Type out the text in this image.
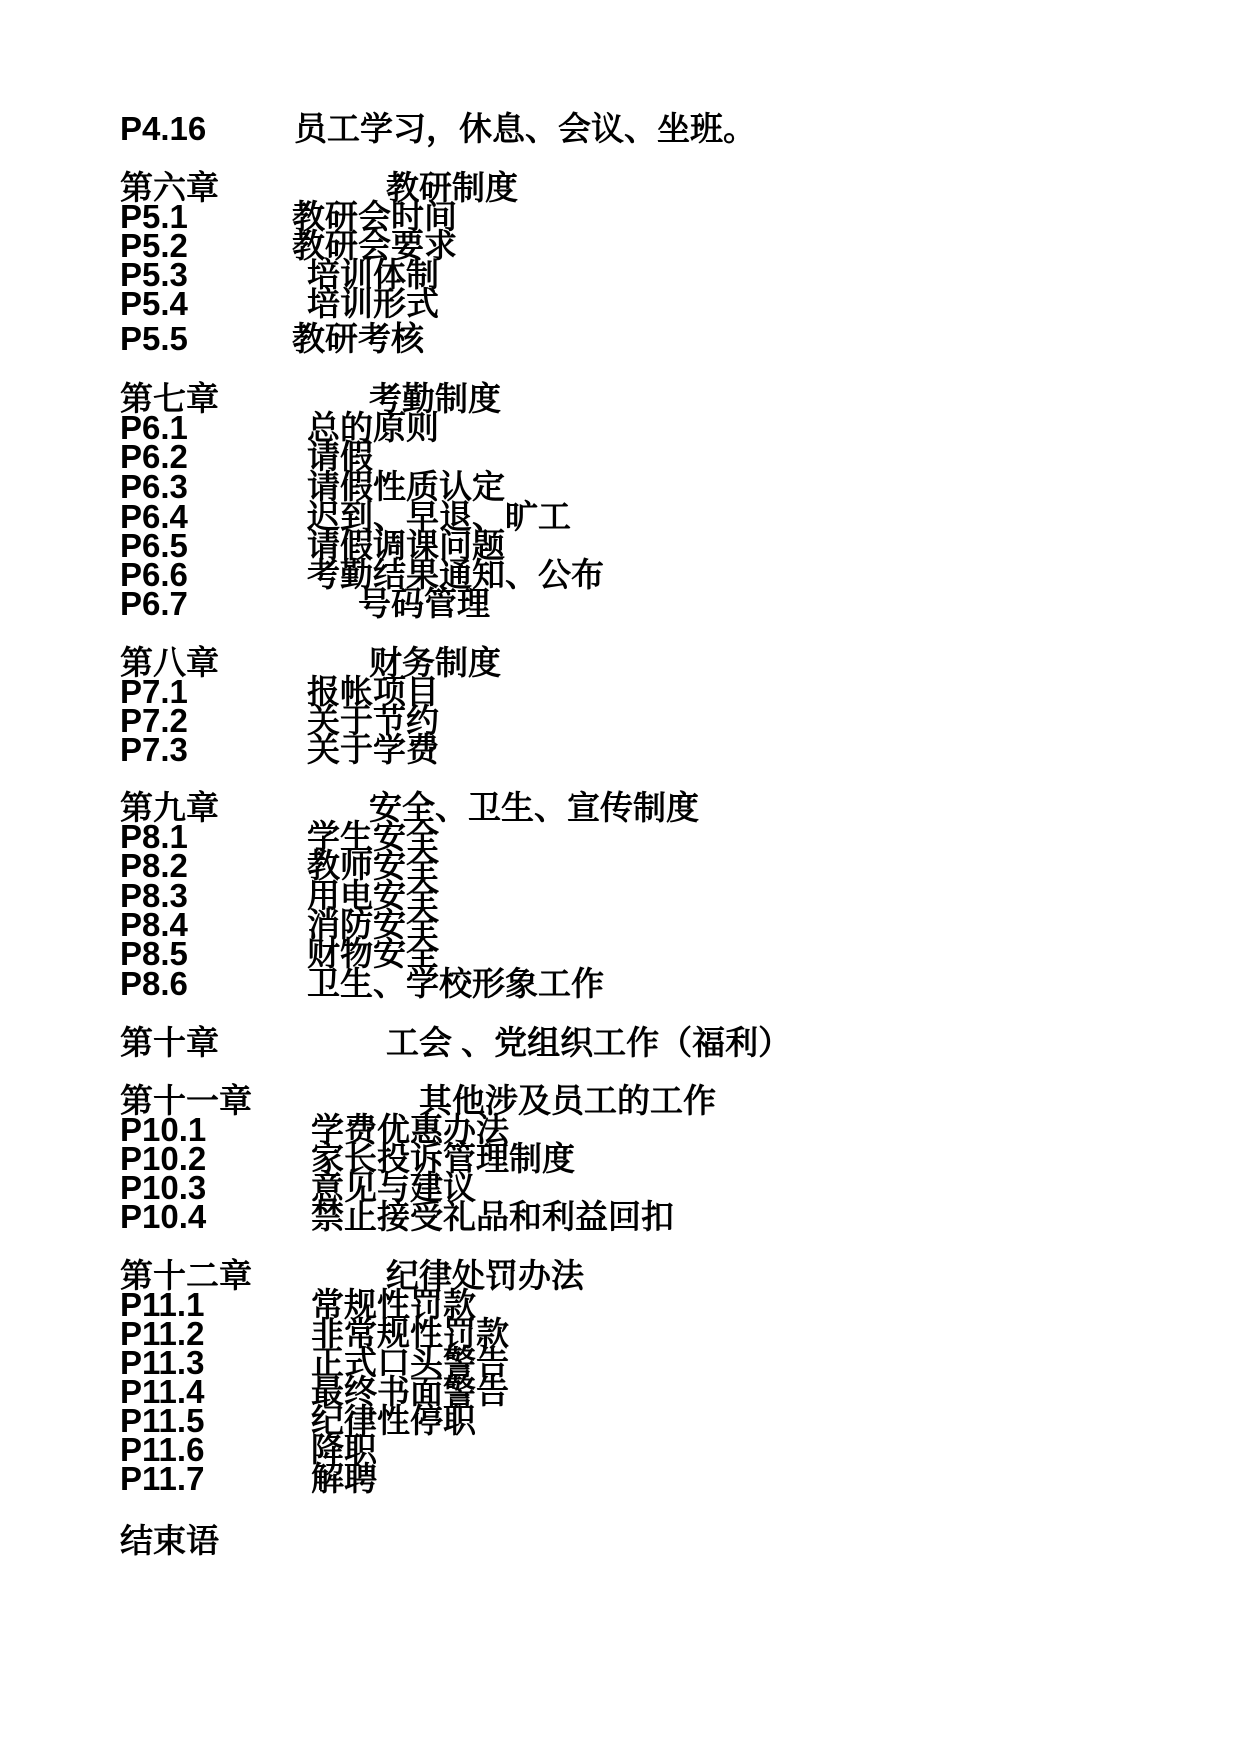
P4.16	员工学习，休息、会议、坐班。
第六章	教研制度
P5.1	教研会时间
P5.2	教研会要求
P5.3	培训体制
P5.4	培训形式
P5.5	教研考核
第七章	考勤制度
P6.1	总的原则
P6.2	请假
P6.3	请假性质认定
P6.4	迟到、早退、旷工
P6.5	请假调课问题
P6.6	考勤结果通知、公布
P6.7	号码管理
第八章	财务制度
P7.1	报帐项目
P7.2	关于节约
P7.3	关于学费
第九章	安全、卫生、宣传制度
P8.1	学生安全
P8.2	教师安全
P8.3	用电安全
P8.4	消防安全
P8.5	财物安全
P8.6	卫生、学校形象工作
第十章	工会 、党组织工作（福利）
第十一章	其他涉及员工的工作
P10.1	学费优惠办法
P10.2	家长投诉管理制度
P10.3	意见与建议
P10.4	禁止接受礼品和利益回扣
第十二章	纪律处罚办法
P11.1	常规性罚款
P11.2	非常规性罚款
P11.3	正式口头警告
P11.4	最终书面警告
P11.5	纪律性停职
P11.6	降职
P11.7	解聘
结束语
